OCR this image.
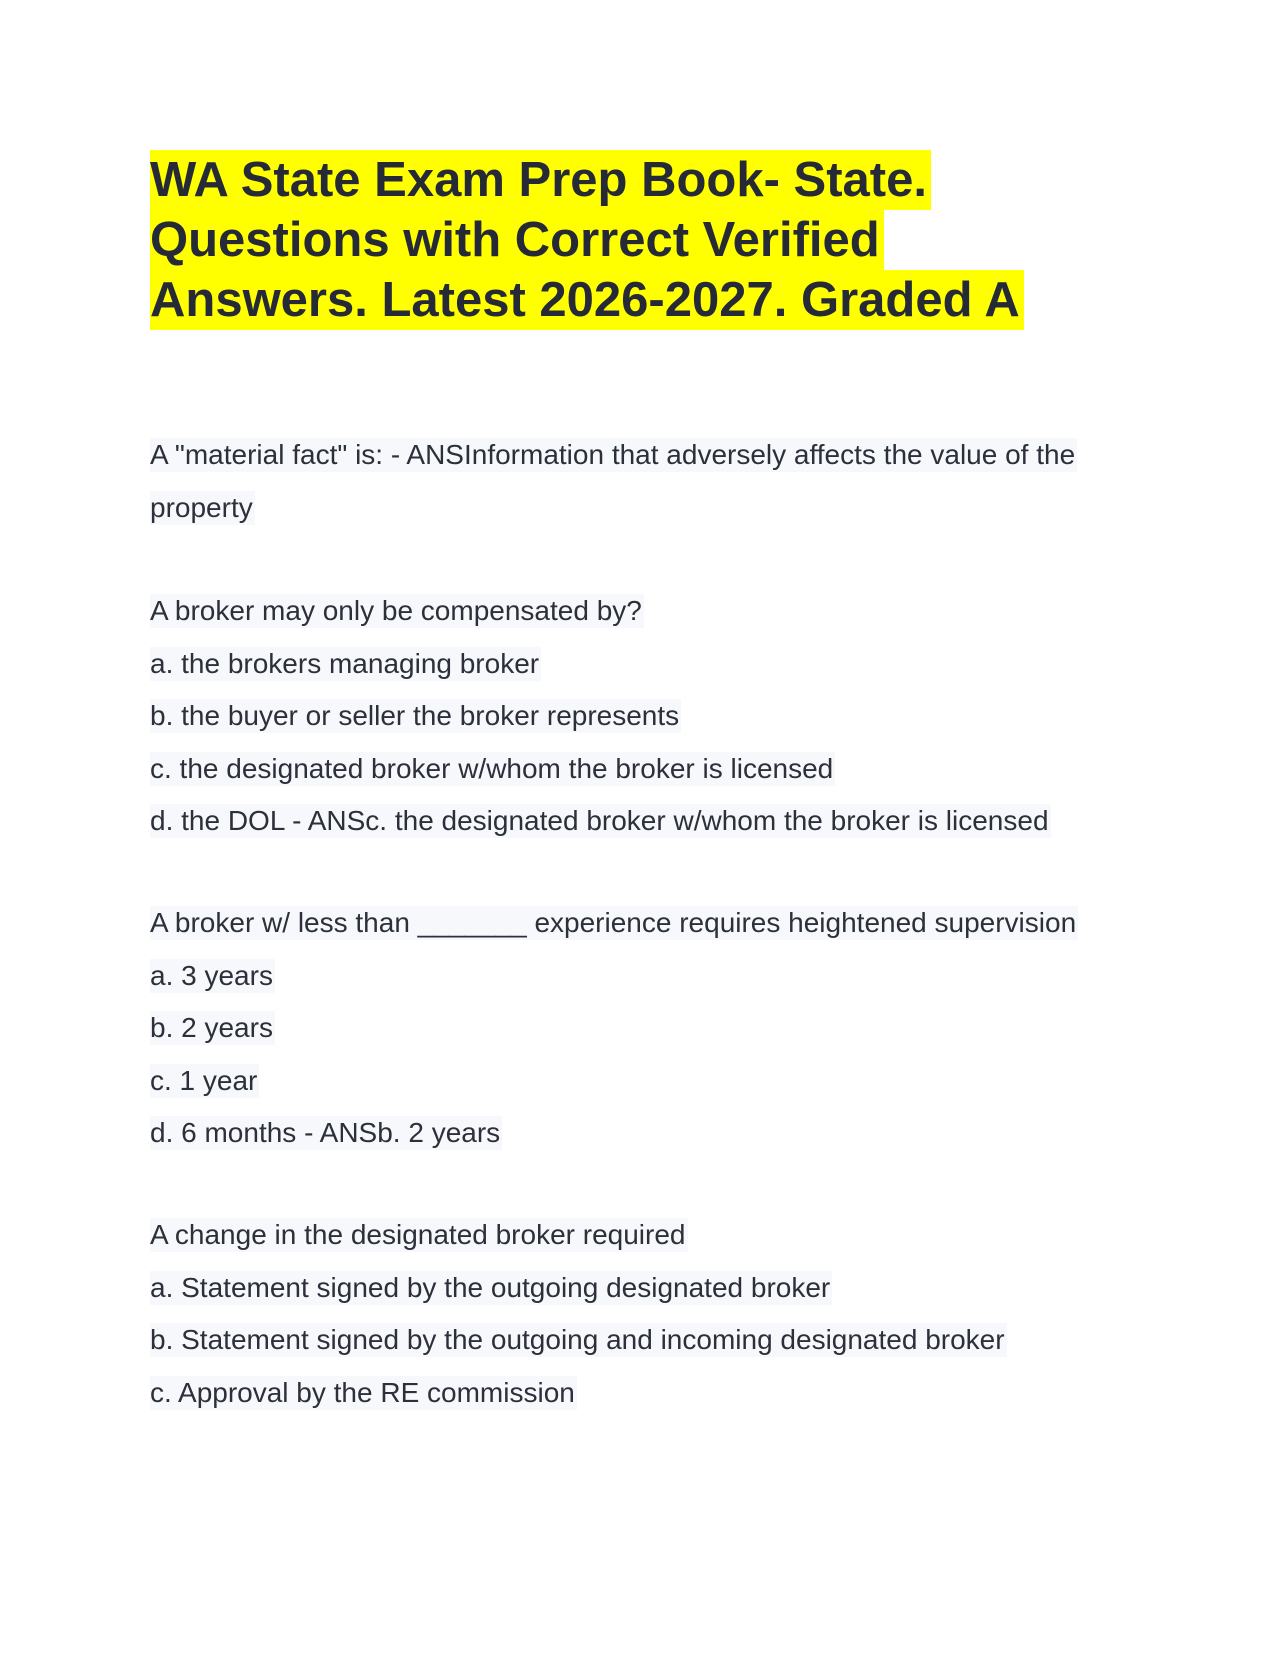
WA State Exam Prep Book- State.
Questions with Correct Verified
Answers. Latest 2026-2027. Graded A
A "material fact" is: - ANSInformation that adversely affects the value of the
property
A broker may only be compensated by?
a. the brokers managing broker
b. the buyer or seller the broker represents
c. the designated broker w/whom the broker is licensed
d. the DOL - ANSc. the designated broker w/whom the broker is licensed
A broker w/ less than _______ experience requires heightened supervision
a. 3 years
b. 2 years
c. 1 year
d. 6 months - ANSb. 2 years
A change in the designated broker required
a. Statement signed by the outgoing designated broker
b. Statement signed by the outgoing and incoming designated broker
c. Approval by the RE commission
